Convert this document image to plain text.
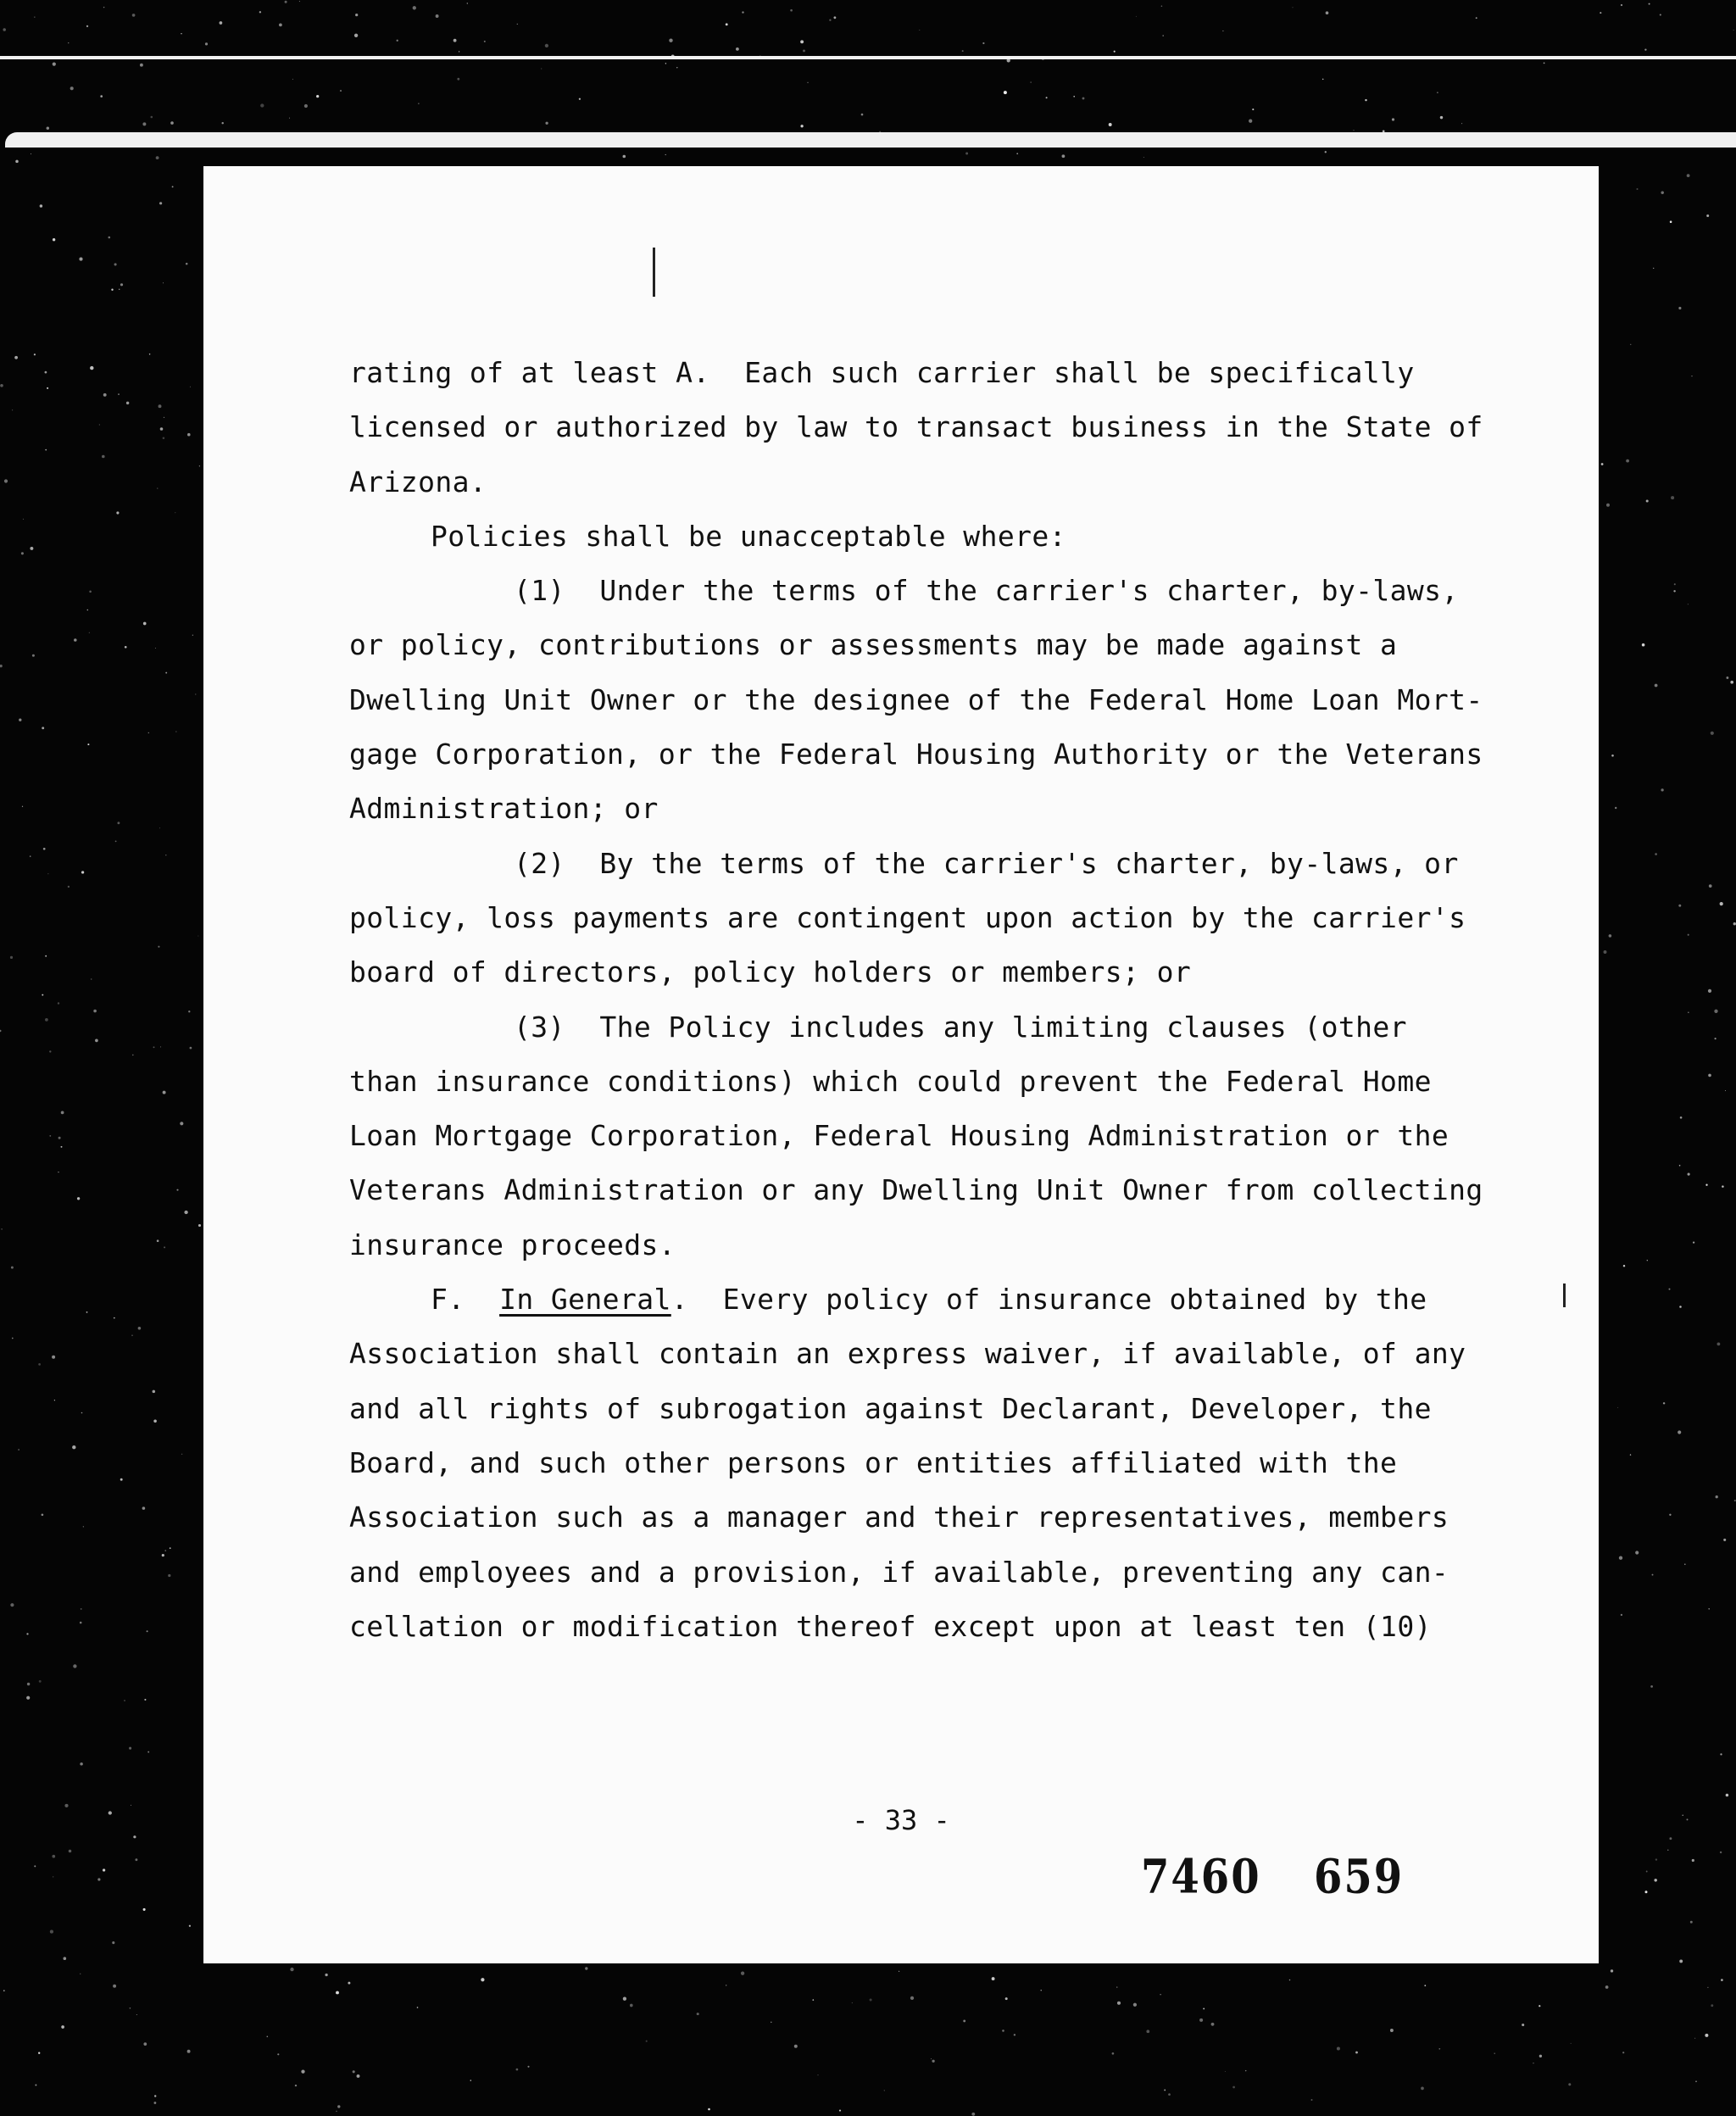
rating of at least A.  Each such carrier shall be specifically
licensed or authorized by law to transact business in the State of
Arizona.
Policies shall be unacceptable where:
(1)  Under the terms of the carrier's charter, by-laws,
or policy, contributions or assessments may be made against a
Dwelling Unit Owner or the designee of the Federal Home Loan Mort-
gage Corporation, or the Federal Housing Authority or the Veterans
Administration; or
(2)  By the terms of the carrier's charter, by-laws, or
policy, loss payments are contingent upon action by the carrier's
board of directors, policy holders or members; or
(3)  The Policy includes any limiting clauses (other
than insurance conditions) which could prevent the Federal Home
Loan Mortgage Corporation, Federal Housing Administration or the
Veterans Administration or any Dwelling Unit Owner from collecting
insurance proceeds.
F.  In General.  Every policy of insurance obtained by the
Association shall contain an express waiver, if available, of any
and all rights of subrogation against Declarant, Developer, the
Board, and such other persons or entities affiliated with the
Association such as a manager and their representatives, members
and employees and a provision, if available, preventing any can-
cellation or modification thereof except upon at least ten (10)
- 33 -
7460 659
